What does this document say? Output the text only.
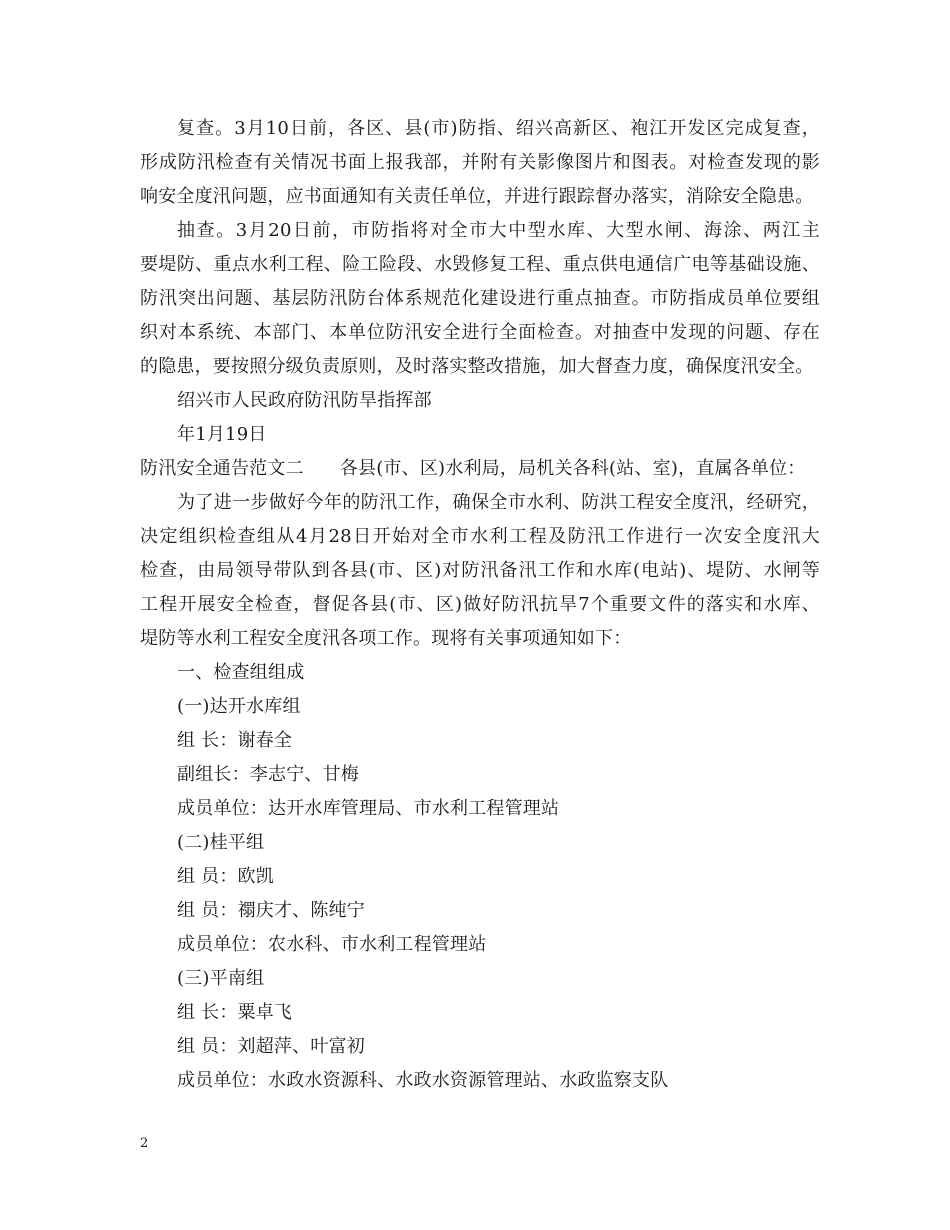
复查。3月10日前，各区、县(市)防指、绍兴高新区、袍江开发区完成复查，
形成防汛检查有关情况书面上报我部，并附有关影像图片和图表。对检查发现的影
响安全度汛问题，应书面通知有关责任单位，并进行跟踪督办落实，消除安全隐患。
抽查。3月20日前，市防指将对全市大中型水库、大型水闸、海涂、两江主
要堤防、重点水利工程、险工险段、水毁修复工程、重点供电通信广电等基础设施、
防汛突出问题、基层防汛防台体系规范化建设进行重点抽查。市防指成员单位要组
织对本系统、本部门、本单位防汛安全进行全面检查。对抽查中发现的问题、存在
的隐患，要按照分级负责原则，及时落实整改措施，加大督查力度，确保度汛安全。
绍兴市人民政府防汛防旱指挥部
年1月19日
防汛安全通告范文二 各县(市、区)水利局，局机关各科(站、室)，直属各单位：
为了进一步做好今年的防汛工作，确保全市水利、防洪工程安全度汛，经研究，
决定组织检查组从4月28日开始对全市水利工程及防汛工作进行一次安全度汛大
检查，由局领导带队到各县(市、区)对防汛备汛工作和水库(电站)、堤防、水闸等
工程开展安全检查，督促各县(市、区)做好防汛抗旱7个重要文件的落实和水库、
堤防等水利工程安全度汛各项工作。现将有关事项通知如下：
一、检查组组成
(一)达开水库组
组 长：谢春全
副组长：李志宁、甘梅
成员单位：达开水库管理局、市水利工程管理站
(二)桂平组
组 员：欧凯
组 员：禤庆才、陈纯宁
成员单位：农水科、市水利工程管理站
(三)平南组
组 长：粟卓飞
组 员：刘超萍、叶富初
成员单位：水政水资源科、水政水资源管理站、水政监察支队
2
